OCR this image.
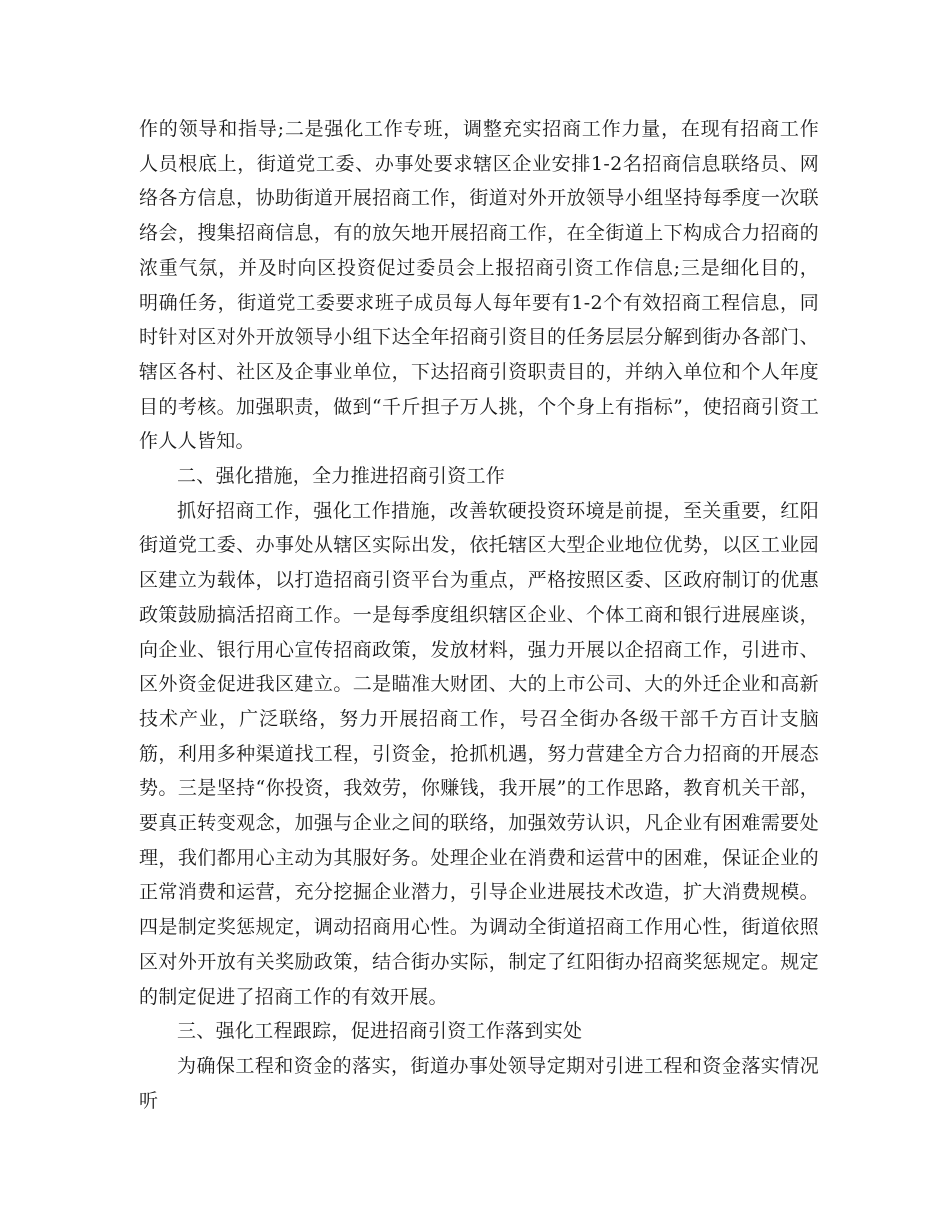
作的领导和指导;二是强化工作专班，调整充实招商工作力量，在现有招商工作人员根底上，街道党工委、办事处要求辖区企业安排1-2名招商信息联络员、网络各方信息，协助街道开展招商工作，街道对外开放领导小组坚持每季度一次联络会，搜集招商信息，有的放矢地开展招商工作，在全街道上下构成合力招商的浓重气氛，并及时向区投资促过委员会上报招商引资工作信息;三是细化目的，明确任务，街道党工委要求班子成员每人每年要有1-2个有效招商工程信息，同时针对区对外开放领导小组下达全年招商引资目的任务层层分解到街办各部门、辖区各村、社区及企事业单位，下达招商引资职责目的，并纳入单位和个人年度目的考核。加强职责，做到“千斤担子万人挑，个个身上有指标”，使招商引资工作人人皆知。

二、强化措施，全力推进招商引资工作

抓好招商工作，强化工作措施，改善软硬投资环境是前提，至关重要，红阳街道党工委、办事处从辖区实际出发，依托辖区大型企业地位优势，以区工业园区建立为载体，以打造招商引资平台为重点，严格按照区委、区政府制订的优惠政策鼓励搞活招商工作。一是每季度组织辖区企业、个体工商和银行进展座谈，向企业、银行用心宣传招商政策，发放材料，强力开展以企招商工作，引进市、区外资金促进我区建立。二是瞄准大财团、大的上市公司、大的外迁企业和高新技术产业，广泛联络，努力开展招商工作，号召全街办各级干部千方百计支脑筋，利用多种渠道找工程，引资金，抢抓机遇，努力营建全方合力招商的开展态势。三是坚持“你投资，我效劳，你赚钱，我开展”的工作思路，教育机关干部，要真正转变观念，加强与企业之间的联络，加强效劳认识，凡企业有困难需要处理，我们都用心主动为其服好务。处理企业在消费和运营中的困难，保证企业的正常消费和运营，充分挖掘企业潜力，引导企业进展技术改造，扩大消费规模。四是制定奖惩规定，调动招商用心性。为调动全街道招商工作用心性，街道依照区对外开放有关奖励政策，结合街办实际，制定了红阳街办招商奖惩规定。规定的制定促进了招商工作的有效开展。

三、强化工程跟踪，促进招商引资工作落到实处

为确保工程和资金的落实，街道办事处领导定期对引进工程和资金落实情况听
